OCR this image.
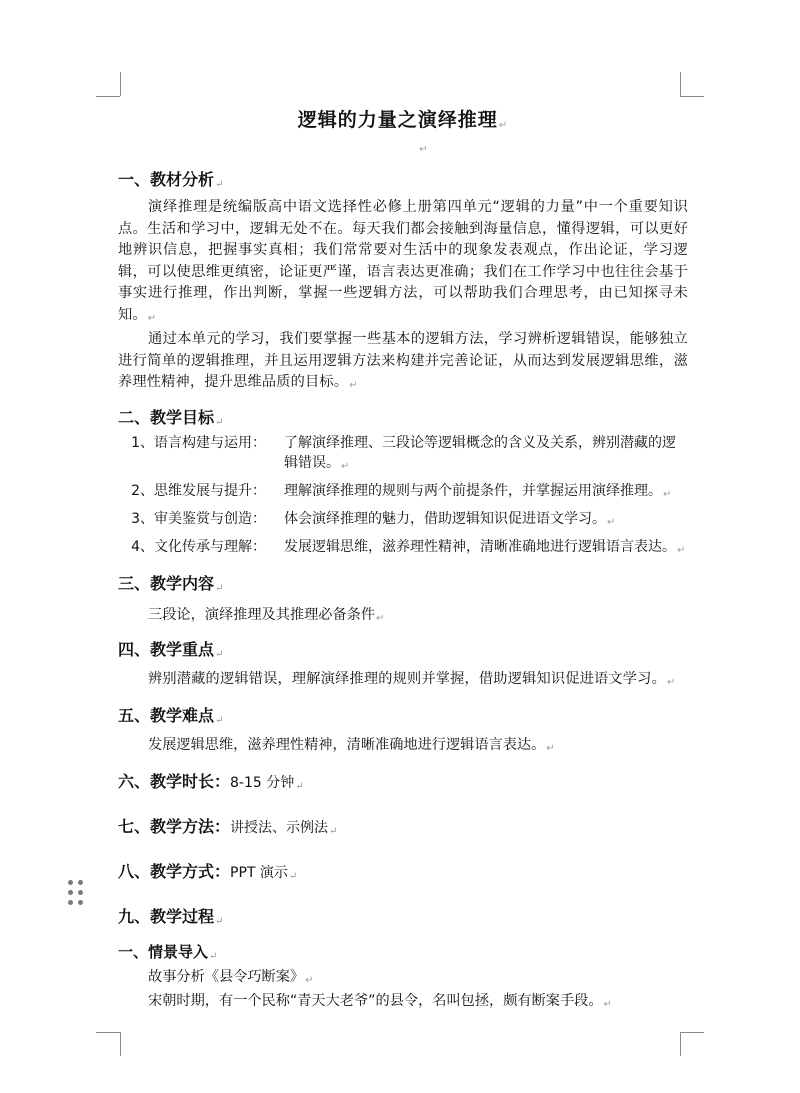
逻辑的力量之演绎推理↵
↵
一、教材分析↵

演绎推理是统编版高中语文选择性必修上册第四单元“逻辑的力量”中一个重要知识点。生活和学习中，逻辑无处不在。每天我们都会接触到海量信息，懂得逻辑，可以更好地辨识信息，把握事实真相；我们常常要对生活中的现象发表观点，作出论证，学习逻辑，可以使思维更缜密，论证更严谨，语言表达更准确；我们在工作学习中也往往会基于事实进行推理，作出判断，掌握一些逻辑方法，可以帮助我们合理思考，由已知探寻未知。↵

通过本单元的学习，我们要掌握一些基本的逻辑方法，学习辨析逻辑错误，能够独立进行简单的逻辑推理，并且运用逻辑方法来构建并完善论证，从而达到发展逻辑思维，滋养理性精神，提升思维品质的目标。↵

二、教学目标↵
1、 语言构建与运用：	了解演绎推理、三段论等逻辑概念的含义及关系，辨别潜藏的逻辑错误。↵
2、 思维发展与提升：	理解演绎推理的规则与两个前提条件，并掌握运用演绎推理。↵
3、 审美鉴赏与创造：	体会演绎推理的魅力，借助逻辑知识促进语文学习。↵
4、 文化传承与理解：	发展逻辑思维，滋养理性精神，清晰准确地进行逻辑语言表达。↵
三、教学内容↵

三段论，演绎推理及其推理必备条件↵

四、教学重点↵

辨别潜藏的逻辑错误，理解演绎推理的规则并掌握，借助逻辑知识促进语文学习。↵

五、教学难点↵

发展逻辑思维，滋养理性精神，清晰准确地进行逻辑语言表达。↵

六、教学时长：8-15 分钟↵
七、教学方法：讲授法、示例法↵
八、教学方式：PPT 演示↵
九、教学过程↵
一、情景导入↵

故事分析《县令巧断案》↵

宋朝时期，有一个民称“青天大老爷”的县令，名叫包拯，颇有断案手段。↵
